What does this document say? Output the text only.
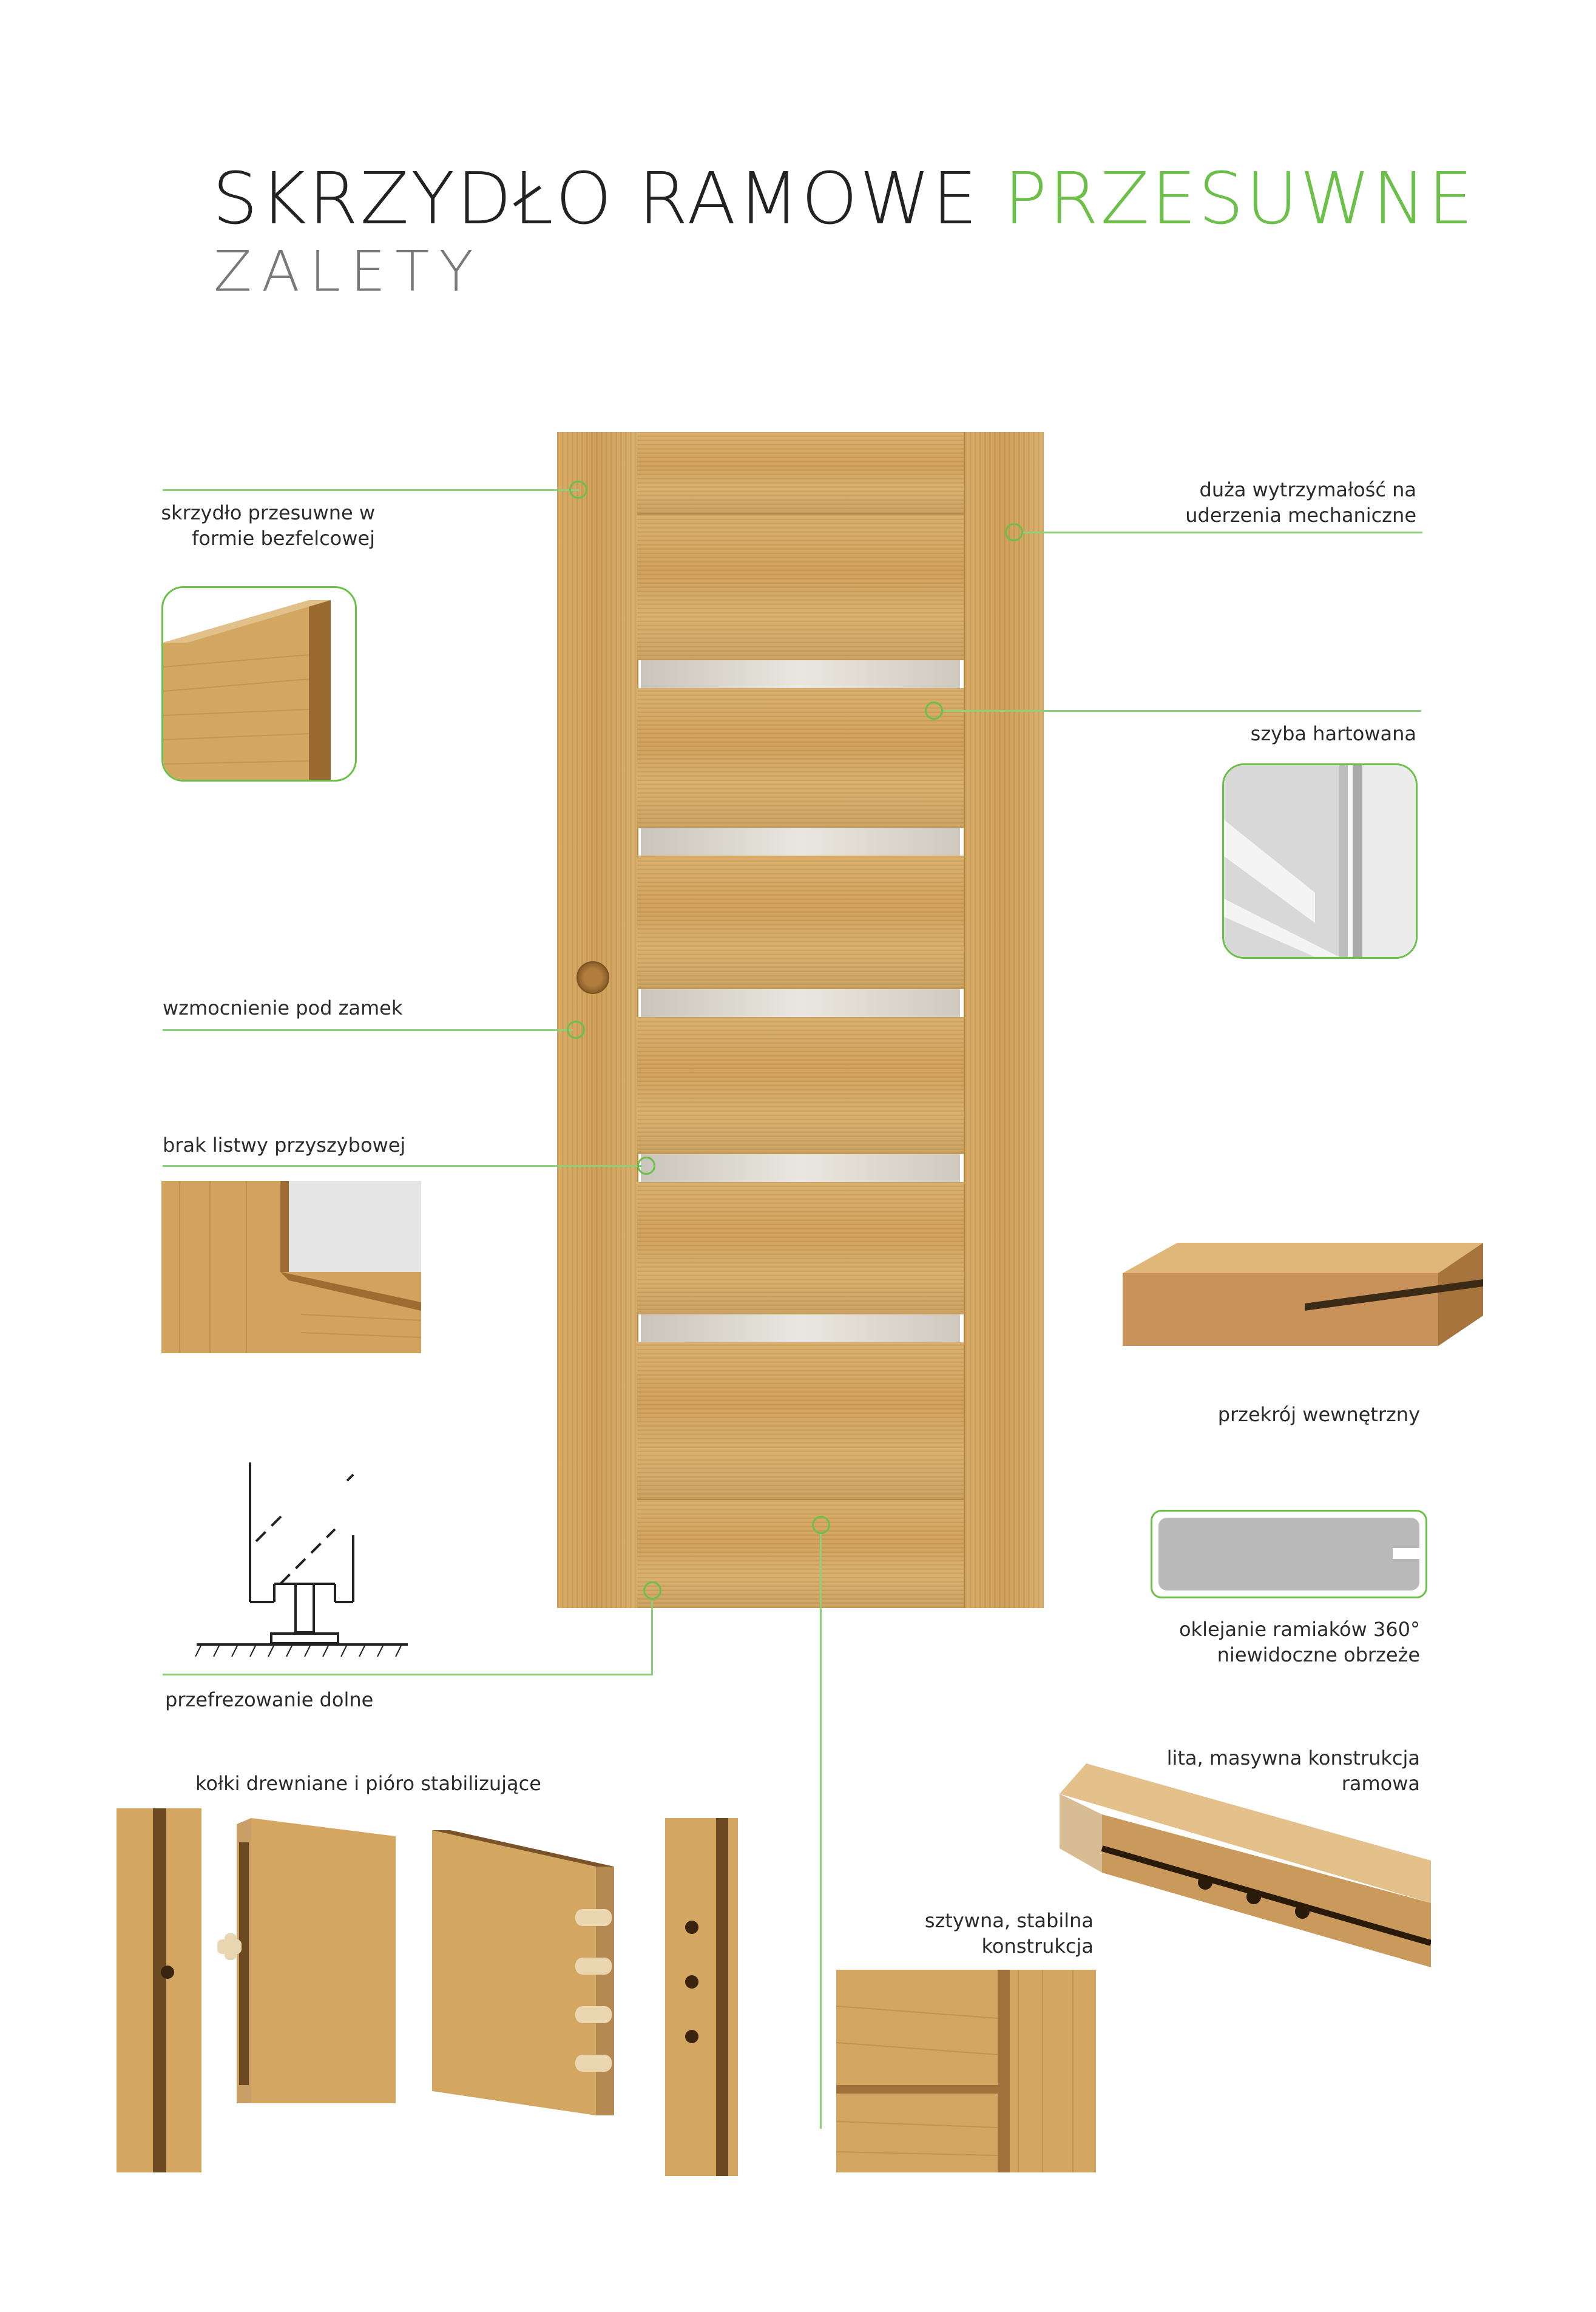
SKRZYDŁO RAMOWE PRZESUWNE
ZALETY
skrzydło przesuwne w
formie bezfelcowej
duża wytrzymałość na
uderzenia mechaniczne
szyba hartowana
wzmocnienie pod zamek
brak listwy przyszybowej
przekrój wewnętrzny
oklejanie ramiaków 360°
niewidoczne obrzeże
przefrezowanie dolne
kołki drewniane i pióro stabilizujące
lita, masywna konstrukcja
ramowa
sztywna, stabilna
konstrukcja
